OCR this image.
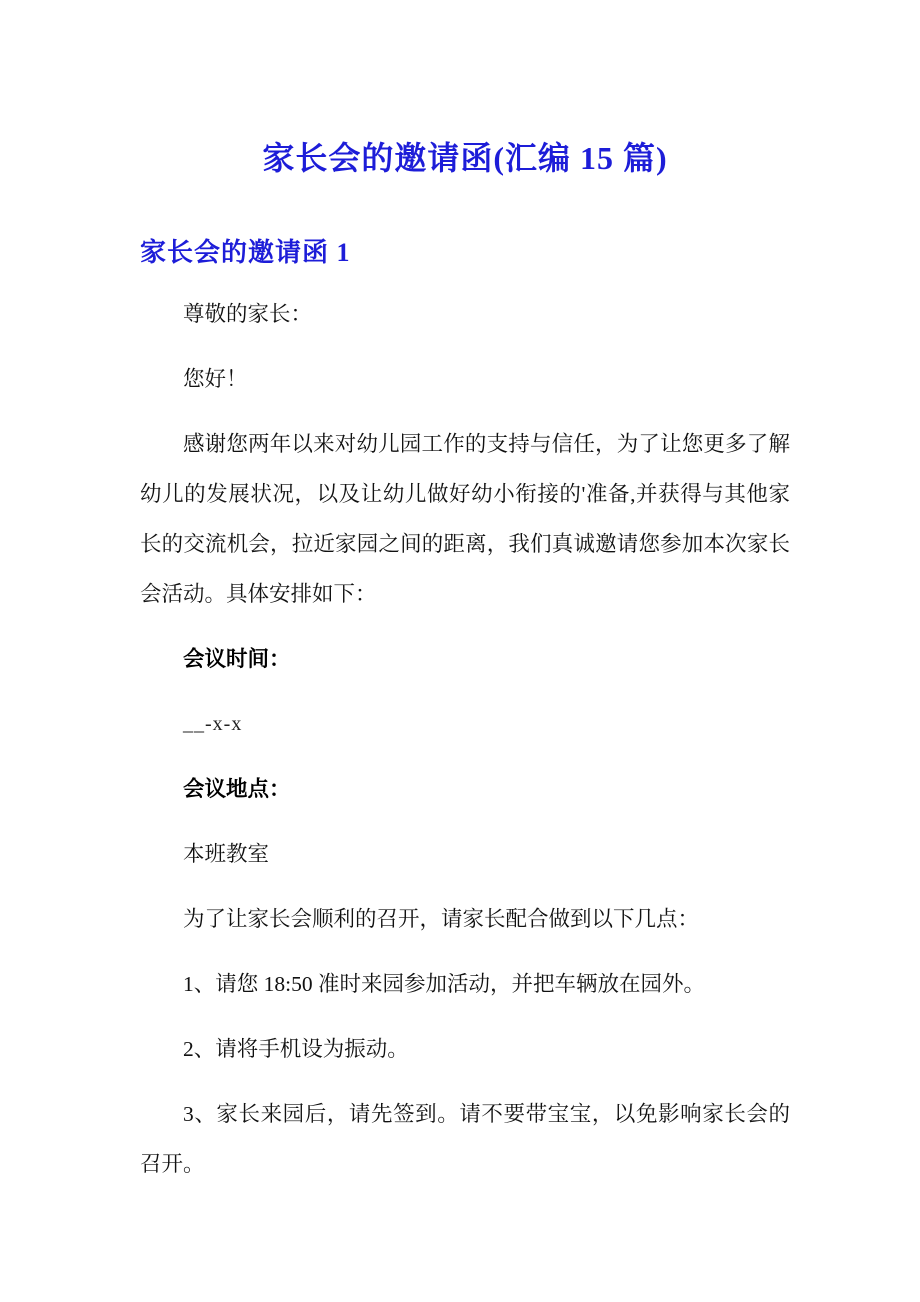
家长会的邀请函(汇编 15 篇)
家长会的邀请函 1

尊敬的家长：

您好！

感谢您两年以来对幼儿园工作的支持与信任，为了让您更多了解幼儿的发展状况，以及让幼儿做好幼小衔接的'准备,并获得与其他家长的交流机会，拉近家园之间的距离，我们真诚邀请您参加本次家长会活动。具体安排如下：

会议时间：

__-x-x

会议地点：

本班教室

为了让家长会顺利的召开，请家长配合做到以下几点：

1、请您 18:50 准时来园参加活动，并把车辆放在园外。

2、请将手机设为振动。

3、家长来园后，请先签到。请不要带宝宝，以免影响家长会的召开。
